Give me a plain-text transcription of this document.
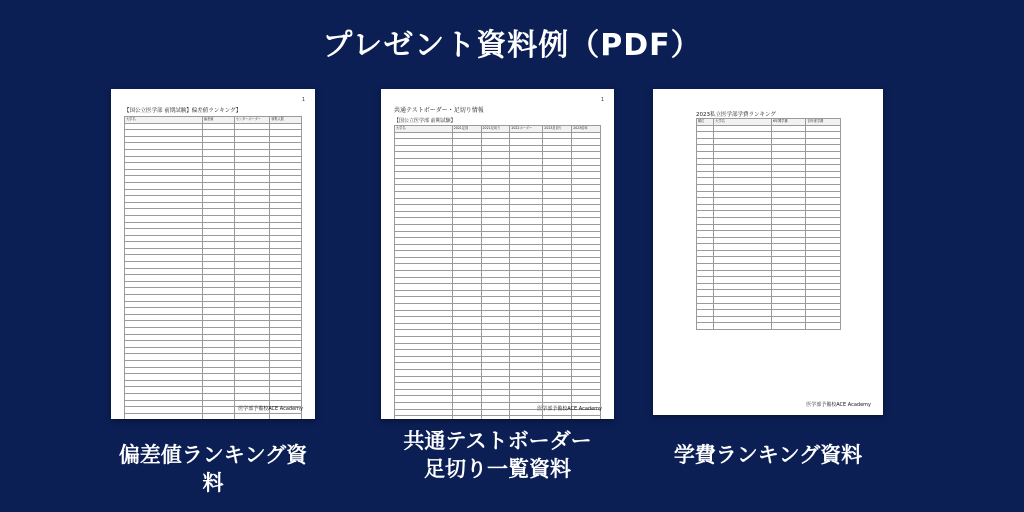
プレゼント資料例（PDF）
1
【国公立医学部 前期試験】偏差値ランキング】
大学名	偏差値	センターボーダー	募集人数

医学部予備校ACE Academy
1
共通テストボーダー・足切り情報
【国公立医学部 前期試験】
大学名	2021定員	2021足切り	2022ボーダー	2023足切り	2023倍率

医学部予備校ACE Academy
2023私立医学部学費ランキング
順位	大学名	6年間学費	初年度学費

医学部予備校ACE Academy
偏差値ランキング資料
共通テストボーダー
足切り一覧資料
学費ランキング資料
